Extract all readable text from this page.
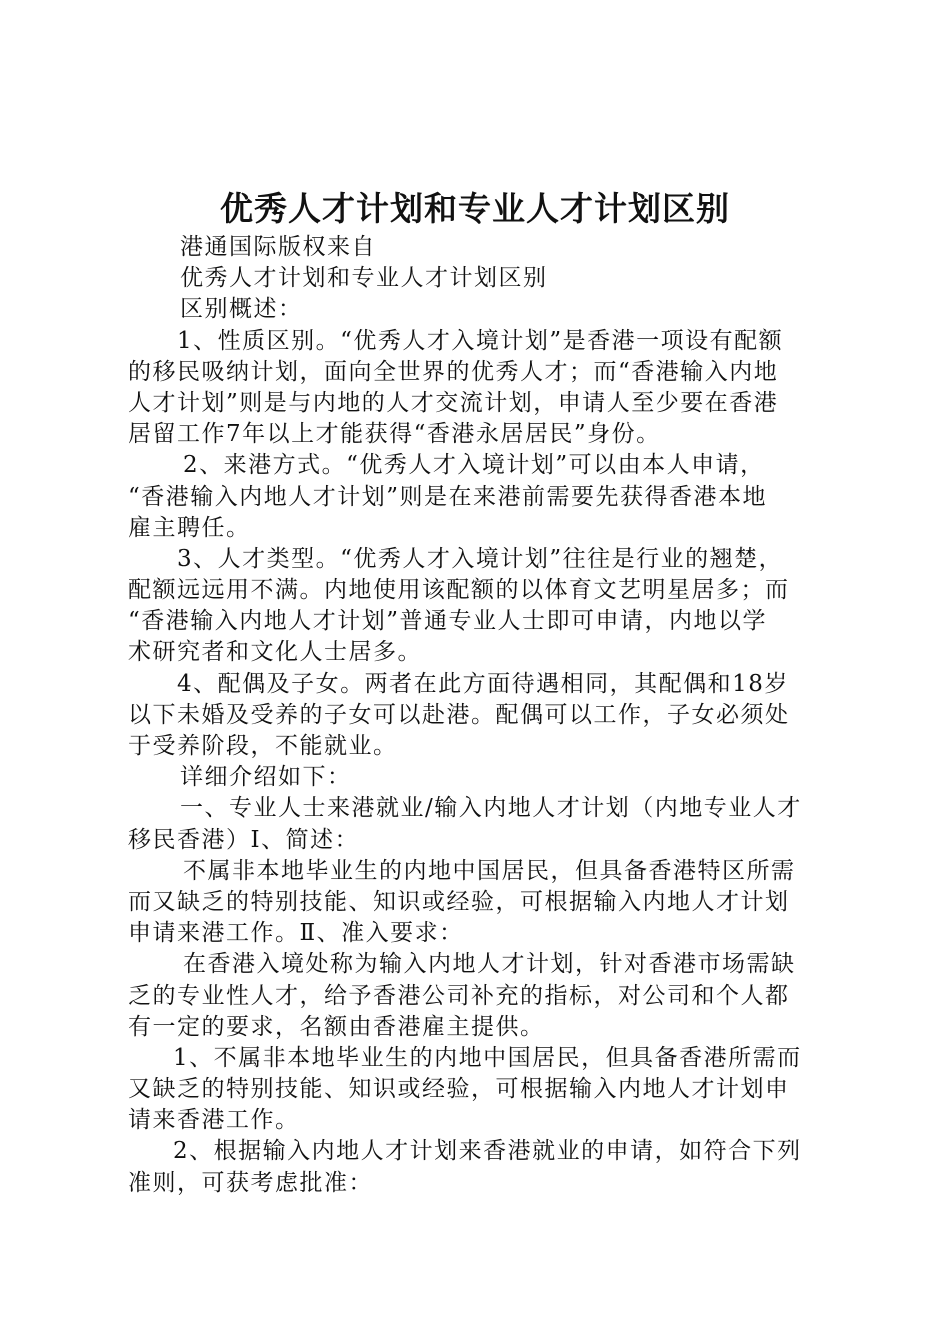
优秀人才计划和专业人才计划区别
港通国际版权来自
优秀人才计划和专业人才计划区别
区别概述：
1、性质区别。“优秀人才入境计划”是香港一项设有配额
的移民吸纳计划，面向全世界的优秀人才；而“香港输入内地
人才计划”则是与内地的人才交流计划，申请人至少要在香港
居留工作7年以上才能获得“香港永居居民”身份。
2、来港方式。“优秀人才入境计划”可以由本人申请，
“香港输入内地人才计划”则是在来港前需要先获得香港本地
雇主聘任。
3、人才类型。“优秀人才入境计划”往往是行业的翘楚，
配额远远用不满。内地使用该配额的以体育文艺明星居多；而
“香港输入内地人才计划”普通专业人士即可申请，内地以学
术研究者和文化人士居多。
4、配偶及子女。两者在此方面待遇相同，其配偶和18岁
以下未婚及受养的子女可以赴港。配偶可以工作，子女必须处
于受养阶段，不能就业。
详细介绍如下：
一、专业人士来港就业/输入内地人才计划（内地专业人才
移民香港）Ⅰ、简述：
不属非本地毕业生的内地中国居民，但具备香港特区所需
而又缺乏的特别技能、知识或经验，可根据输入内地人才计划
申请来港工作。Ⅱ、准入要求：
在香港入境处称为输入内地人才计划，针对香港市场需缺
乏的专业性人才，给予香港公司补充的指标，对公司和个人都
有一定的要求，名额由香港雇主提供。
1、不属非本地毕业生的内地中国居民，但具备香港所需而
又缺乏的特别技能、知识或经验，可根据输入内地人才计划申
请来香港工作。
2、根据输入内地人才计划来香港就业的申请，如符合下列
准则，可获考虑批准：
